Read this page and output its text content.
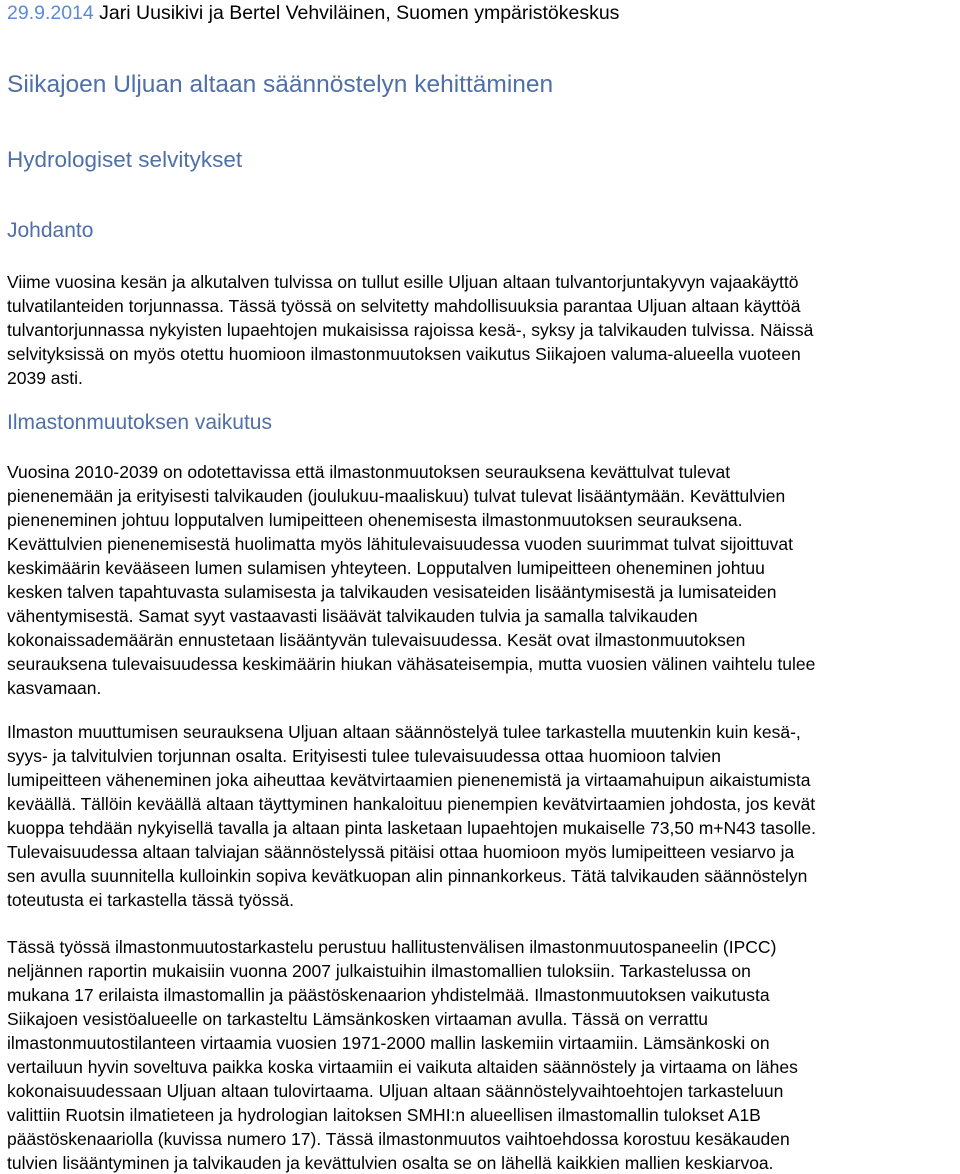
29.9.2014 Jari Uusikivi ja Bertel Vehviläinen, Suomen ympäristökeskus
Siikajoen Uljuan altaan säännöstelyn kehittäminen
Hydrologiset selvitykset
Johdanto
Viime vuosina kesän ja alkutalven tulvissa on tullut esille Uljuan altaan tulvantorjuntakyvyn vajaakäyttö
tulvatilanteiden torjunnassa. Tässä työssä on selvitetty mahdollisuuksia parantaa Uljuan altaan käyttöä
tulvantorjunnassa nykyisten lupaehtojen mukaisissa rajoissa kesä-, syksy ja talvikauden tulvissa. Näissä
selvityksissä on myös otettu huomioon ilmastonmuutoksen vaikutus Siikajoen valuma-alueella vuoteen
2039 asti.
Ilmastonmuutoksen vaikutus
Vuosina 2010-2039 on odotettavissa että ilmastonmuutoksen seurauksena kevättulvat tulevat
pienenemään ja erityisesti talvikauden (joulukuu-maaliskuu) tulvat tulevat lisääntymään. Kevättulvien
pieneneminen johtuu lopputalven lumipeitteen ohenemisesta ilmastonmuutoksen seurauksena.
Kevättulvien pienenemisestä huolimatta myös lähitulevaisuudessa vuoden suurimmat tulvat sijoittuvat
keskimäärin kevääseen lumen sulamisen yhteyteen. Lopputalven lumipeitteen oheneminen johtuu
kesken talven tapahtuvasta sulamisesta ja talvikauden vesisateiden lisääntymisestä ja lumisateiden
vähentymisestä. Samat syyt vastaavasti lisäävät talvikauden tulvia ja samalla talvikauden
kokonaissademäärän ennustetaan lisääntyvän tulevaisuudessa. Kesät ovat ilmastonmuutoksen
seurauksena tulevaisuudessa keskimäärin hiukan vähäsateisempia, mutta vuosien välinen vaihtelu tulee
kasvamaan.
Ilmaston muuttumisen seurauksena Uljuan altaan säännöstelyä tulee tarkastella muutenkin kuin kesä-,
syys- ja talvitulvien torjunnan osalta. Erityisesti tulee tulevaisuudessa ottaa huomioon talvien
lumipeitteen väheneminen joka aiheuttaa kevätvirtaamien pienenemistä ja virtaamahuipun aikaistumista
keväällä. Tällöin keväällä altaan täyttyminen hankaloituu pienempien kevätvirtaamien johdosta, jos kevät
kuoppa tehdään nykyisellä tavalla ja altaan pinta lasketaan lupaehtojen mukaiselle 73,50 m+N43 tasolle.
Tulevaisuudessa altaan talviajan säännöstelyssä pitäisi ottaa huomioon myös lumipeitteen vesiarvo ja
sen avulla suunnitella kulloinkin sopiva kevätkuopan alin pinnankorkeus. Tätä talvikauden säännöstelyn
toteutusta ei tarkastella tässä työssä.
Tässä työssä ilmastonmuutostarkastelu perustuu hallitustenvälisen ilmastonmuutospaneelin (IPCC)
neljännen raportin mukaisiin vuonna 2007 julkaistuihin ilmastomallien tuloksiin. Tarkastelussa on
mukana 17 erilaista ilmastomallin ja päästöskenaarion yhdistelmää. Ilmastonmuutoksen vaikutusta
Siikajoen vesistöalueelle on tarkasteltu Lämsänkosken virtaaman avulla. Tässä on verrattu
ilmastonmuutostilanteen virtaamia vuosien 1971-2000 mallin laskemiin virtaamiin. Lämsänkoski on
vertailuun hyvin soveltuva paikka koska virtaamiin ei vaikuta altaiden säännöstely ja virtaama on lähes
kokonaisuudessaan Uljuan altaan tulovirtaama. Uljuan altaan säännöstelyvaihtoehtojen tarkasteluun
valittiin Ruotsin ilmatieteen ja hydrologian laitoksen SMHI:n alueellisen ilmastomallin tulokset A1B
päästöskenaariolla (kuvissa numero 17). Tässä ilmastonmuutos vaihtoehdossa korostuu kesäkauden
tulvien lisääntyminen ja talvikauden ja kevättulvien osalta se on lähellä kaikkien mallien keskiarvoa.
